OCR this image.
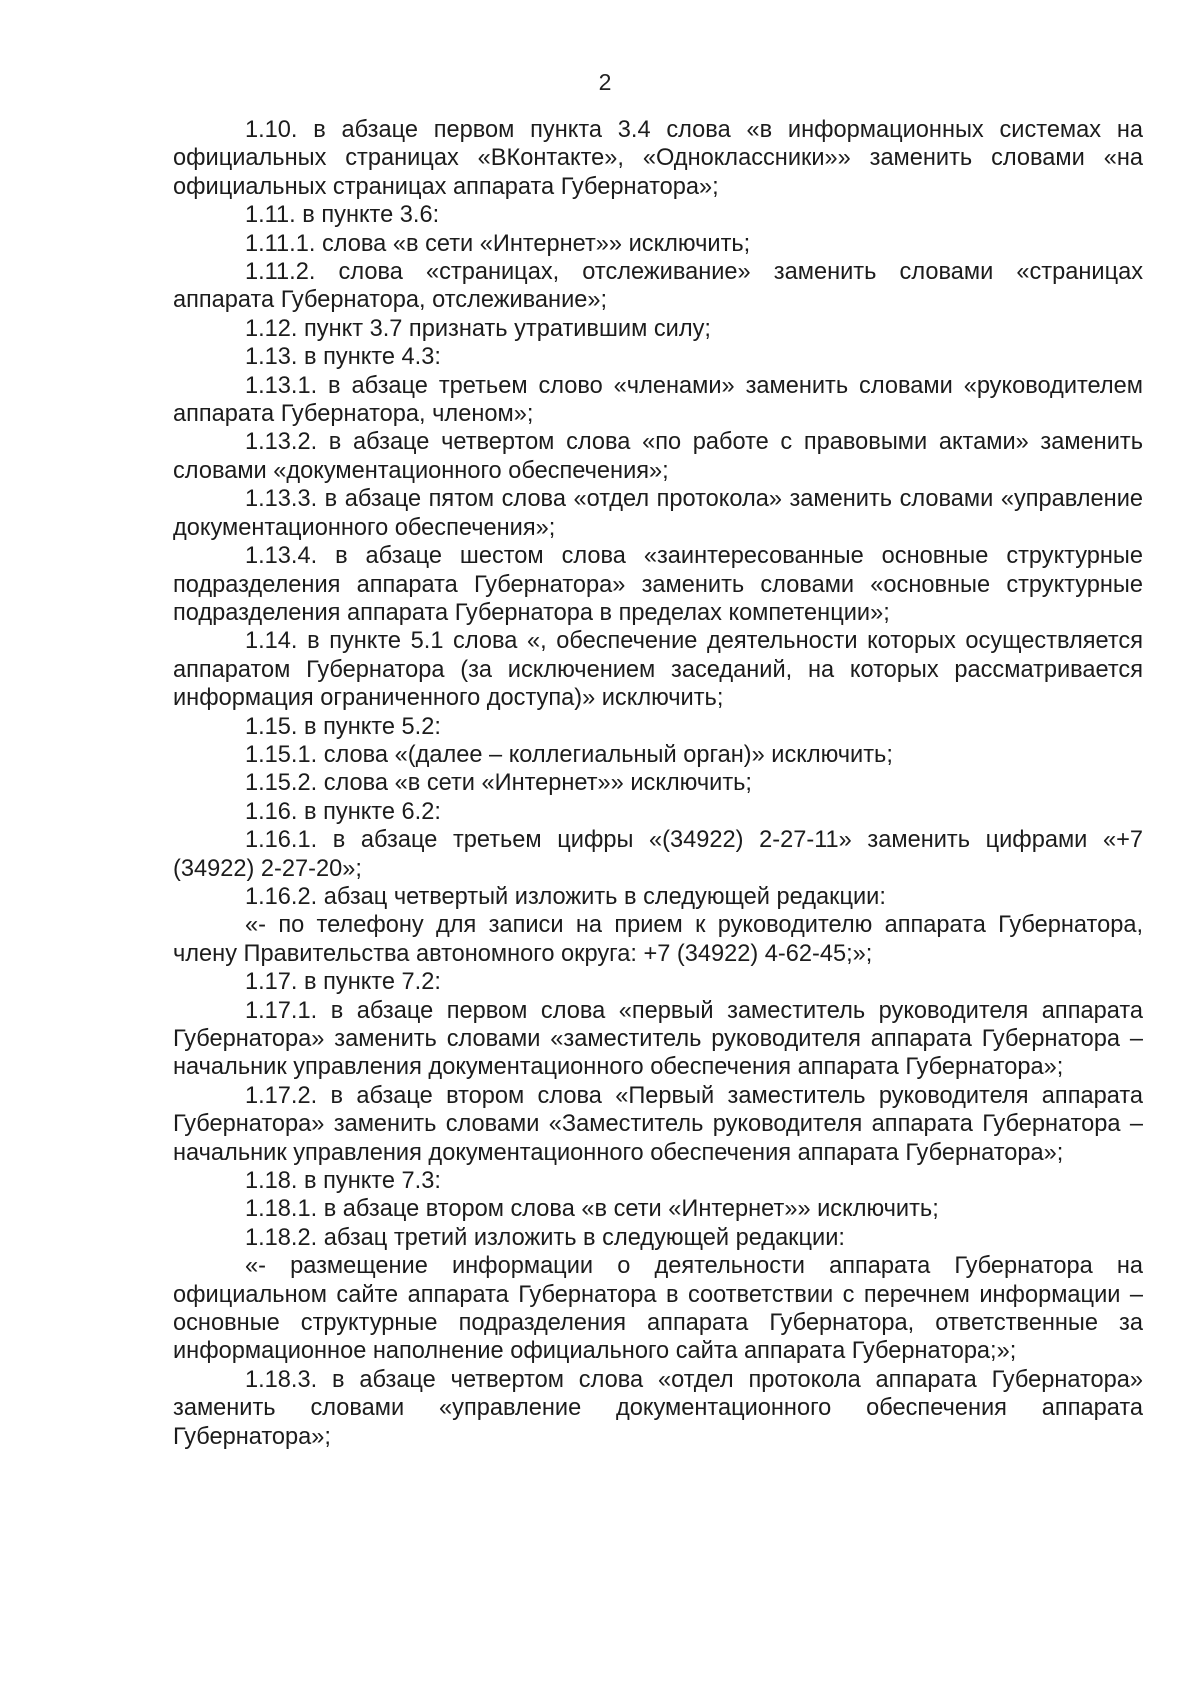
2

1.10. в абзаце первом пункта 3.4 слова «в информационных системах на официальных страницах «ВКонтакте», «Одноклассники»» заменить словами «на официальных страницах аппарата Губернатора»;

1.11. в пункте 3.6:

1.11.1. слова «в сети «Интернет»» исключить;

1.11.2. слова «страницах, отслеживание» заменить словами «страницах аппарата Губернатора, отслеживание»;

1.12. пункт 3.7 признать утратившим силу;

1.13. в пункте 4.3:

1.13.1. в абзаце третьем слово «членами» заменить словами «руководителем аппарата Губернатора, членом»;

1.13.2. в абзаце четвертом слова «по работе с правовыми актами» заменить словами «документационного обеспечения»;

1.13.3. в абзаце пятом слова «отдел протокола» заменить словами «управление документационного обеспечения»;

1.13.4. в абзаце шестом слова «заинтересованные основные структурные подразделения аппарата Губернатора» заменить словами «основные структурные подразделения аппарата Губернатора в пределах компетенции»;

1.14. в пункте 5.1 слова «, обеспечение деятельности которых осуществляется аппаратом Губернатора (за исключением заседаний, на которых рассматривается информация ограниченного доступа)» исключить;

1.15. в пункте 5.2:

1.15.1. слова «(далее – коллегиальный орган)» исключить;

1.15.2. слова «в сети «Интернет»» исключить;

1.16. в пункте 6.2:

1.16.1. в абзаце третьем цифры «(34922) 2-27-11» заменить цифрами «+7 (34922) 2-27-20»;

1.16.2. абзац четвертый изложить в следующей редакции:

«- по телефону для записи на прием к руководителю аппарата Губернатора, члену Правительства автономного округа: +7 (34922) 4-62-45;»;

1.17. в пункте 7.2:

1.17.1. в абзаце первом слова «первый заместитель руководителя аппарата Губернатора» заменить словами «заместитель руководителя аппарата Губернатора – начальник управления документационного обеспечения аппарата Губернатора»;

1.17.2. в абзаце втором слова «Первый заместитель руководителя аппарата Губернатора» заменить словами «Заместитель руководителя аппарата Губернатора – начальник управления документационного обеспечения аппарата Губернатора»;

1.18. в пункте 7.3:

1.18.1. в абзаце втором слова «в сети «Интернет»» исключить;

1.18.2. абзац третий изложить в следующей редакции:

«- размещение информации о деятельности аппарата Губернатора на официальном сайте аппарата Губернатора в соответствии с перечнем информации – основные структурные подразделения аппарата Губернатора, ответственные за информационное наполнение официального сайта аппарата Губернатора;»;

1.18.3. в абзаце четвертом слова «отдел протокола аппарата Губернатора» заменить словами «управление документационного обеспечения аппарата Губернатора»;
